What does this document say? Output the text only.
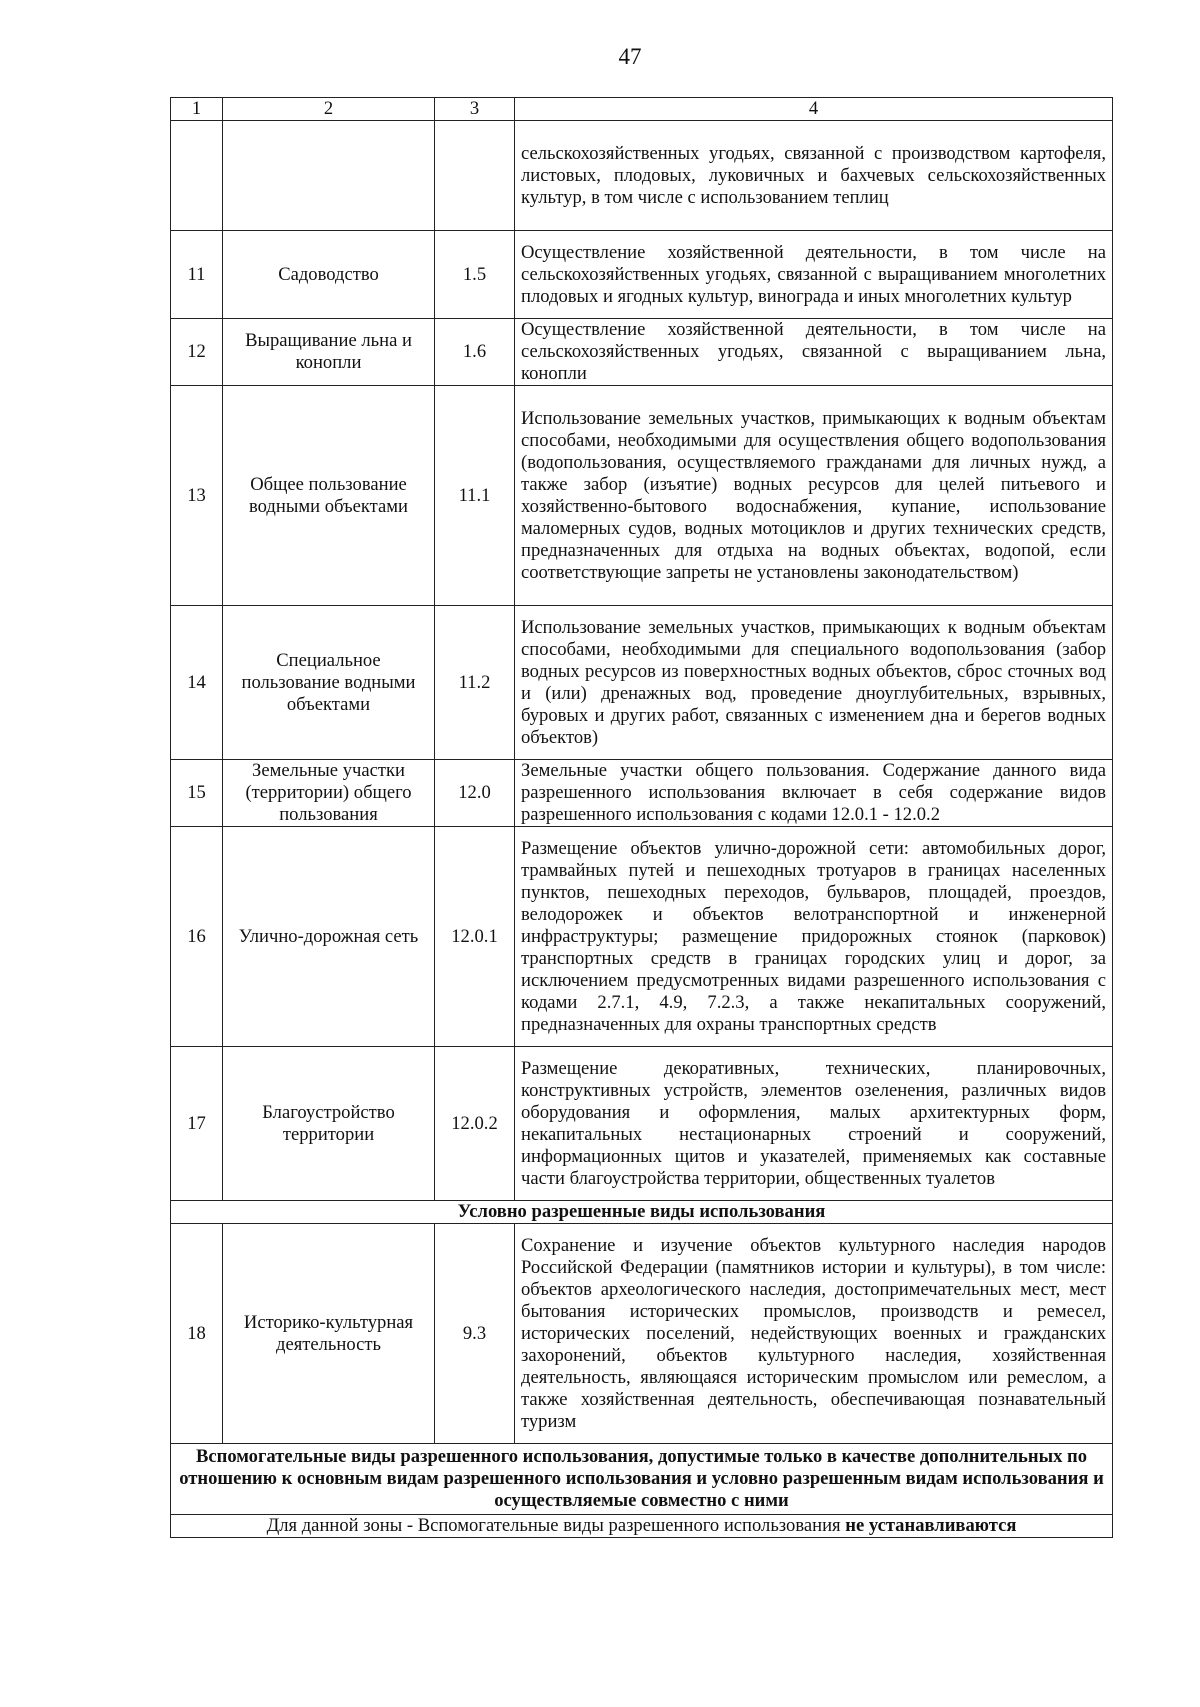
47
1	2	3	4
			сельскохозяйственных угодьях, связанной с производством картофеля, листовых, плодовых, луковичных и бахчевых сельскохозяйственных культур, в том числе с использованием теплиц
11	Садоводство	1.5	Осуществление хозяйственной деятельности, в том числе на сельскохозяйственных угодьях, связанной с выращиванием многолетних плодовых и ягодных культур, винограда и иных многолетних культур
12	Выращивание льна и конопли	1.6	Осуществление хозяйственной деятельности, в том числе на сельскохозяйственных угодьях, связанной с выращиванием льна, конопли
13	Общее пользование водными объектами	11.1	Использование земельных участков, примыкающих к водным объектам способами, необходимыми для осуществления общего водопользования (водопользования, осуществляемого гражданами для личных нужд, а также забор (изъятие) водных ресурсов для целей питьевого и хозяйственно-бытового водоснабжения, купание, использование маломерных судов, водных мотоциклов и других технических средств, предназначенных для отдыха на водных объектах, водопой, если соответствующие запреты не установлены законодательством)
14	Специальное пользование водными объектами	11.2	Использование земельных участков, примыкающих к водным объектам способами, необходимыми для специального водопользования (забор водных ресурсов из поверхностных водных объектов, сброс сточных вод и (или) дренажных вод, проведение дноуглубительных, взрывных, буровых и других работ, связанных с изменением дна и берегов водных объектов)
15	Земельные участки (территории) общего пользования	12.0	Земельные участки общего пользования. Содержание данного вида разрешенного использования включает в себя содержание видов разрешенного использования с кодами 12.0.1 - 12.0.2
16	Улично-дорожная сеть	12.0.1	Размещение объектов улично-дорожной сети: автомобильных дорог, трамвайных путей и пешеходных тротуаров в границах населенных пунктов, пешеходных переходов, бульваров, площадей, проездов, велодорожек и объектов велотранспортной и инженерной инфраструктуры; размещение придорожных стоянок (парковок) транспортных средств в границах городских улиц и дорог, за исключением предусмотренных видами разрешенного использования с кодами 2.7.1, 4.9, 7.2.3, а также некапитальных сооружений, предназначенных для охраны транспортных средств
17	Благоустройство территории	12.0.2	Размещение декоративных, технических, планировочных, конструктивных устройств, элементов озеленения, различных видов оборудования и оформления, малых архитектурных форм, некапитальных нестационарных строений и сооружений, информационных щитов и указателей, применяемых как составные части благоустройства территории, общественных туалетов
Условно разрешенные виды использования			
18	Историко-культурная деятельность	9.3	Сохранение и изучение объектов культурного наследия народов Российской Федерации (памятников истории и культуры), в том числе: объектов археологического наследия, достопримечательных мест, мест бытования исторических промыслов, производств и ремесел, исторических поселений, недействующих военных и гражданских захоронений, объектов культурного наследия, хозяйственная деятельность, являющаяся историческим промыслом или ремеслом, а также хозяйственная деятельность, обеспечивающая познавательный туризм
Вспомогательные виды разрешенного использования, допустимые только в качестве дополнительных по отношению к основным видам разрешенного использования и условно разрешенным видам использования и осуществляемые совместно с ними			
Для данной зоны - Вспомогательные виды разрешенного использования не устанавливаются			
